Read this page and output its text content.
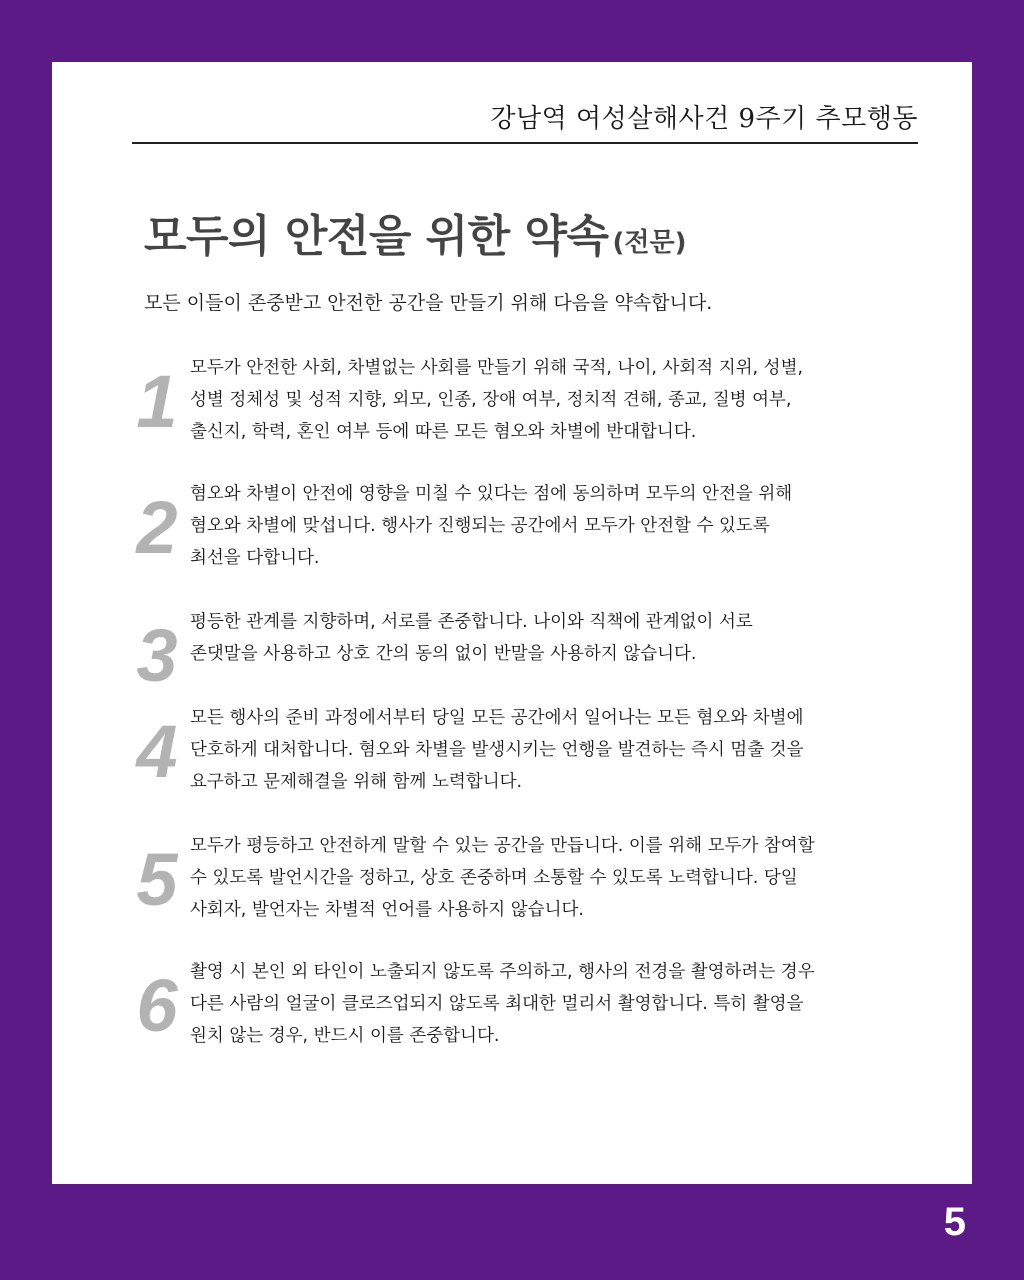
강남역 여성살해사건 9주기 추모행동
모두의 안전을 위한 약속 (전문)
모든 이들이 존중받고 안전한 공간을 만들기 위해 다음을 약속합니다.
1 모두가 안전한 사회, 차별없는 사회를 만들기 위해 국적, 나이, 사회적 지위, 성별,
성별 정체성 및 성적 지향, 외모, 인종, 장애 여부, 정치적 견해, 종교, 질병 여부,
출신지, 학력, 혼인 여부 등에 따른 모든 혐오와 차별에 반대합니다.
2 혐오와 차별이 안전에 영향을 미칠 수 있다는 점에 동의하며 모두의 안전을 위해
혐오와 차별에 맞섭니다. 행사가 진행되는 공간에서 모두가 안전할 수 있도록
최선을 다합니다.
3 평등한 관계를 지향하며, 서로를 존중합니다. 나이와 직책에 관계없이 서로
존댓말을 사용하고 상호 간의 동의 없이 반말을 사용하지 않습니다.
4 모든 행사의 준비 과정에서부터 당일 모든 공간에서 일어나는 모든 혐오와 차별에
단호하게 대처합니다. 혐오와 차별을 발생시키는 언행을 발견하는 즉시 멈출 것을
요구하고 문제해결을 위해 함께 노력합니다.
5 모두가 평등하고 안전하게 말할 수 있는 공간을 만듭니다. 이를 위해 모두가 참여할
수 있도록 발언시간을 정하고, 상호 존중하며 소통할 수 있도록 노력합니다. 당일
사회자, 발언자는 차별적 언어를 사용하지 않습니다.
6 촬영 시 본인 외 타인이 노출되지 않도록 주의하고, 행사의 전경을 촬영하려는 경우
다른 사람의 얼굴이 클로즈업되지 않도록 최대한 멀리서 촬영합니다. 특히 촬영을
원치 않는 경우, 반드시 이를 존중합니다.
5
